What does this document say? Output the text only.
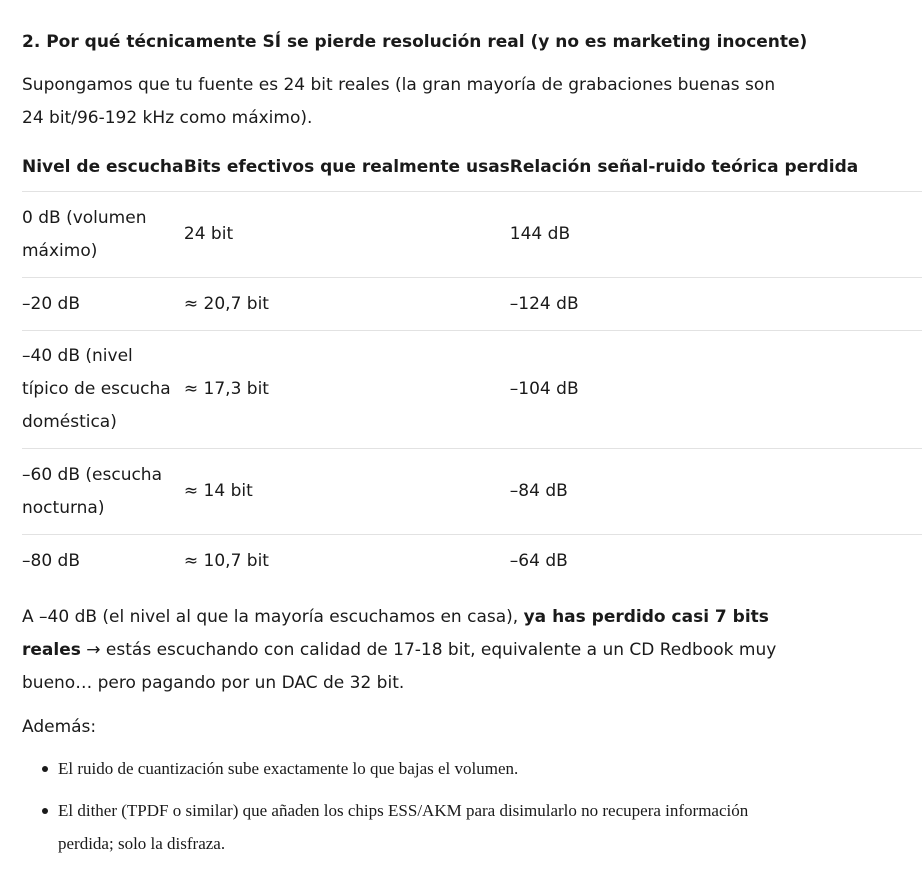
2. Por qué técnicamente SÍ se pierde resolución real (y no es marketing inocente)

Supongamos que tu fuente es 24 bit reales (la gran mayoría de grabaciones buenas son 24 bit/96-192 kHz como máximo).

Nivel de escucha	Bits efectivos que realmente usas	Relación señal-ruido teórica perdida

0 dB (volumen máximo)	24 bit	144 dB

–20 dB	≈ 20,7 bit	–124 dB

–40 dB (nivel típico de escucha doméstica)	≈ 17,3 bit	–104 dB

–60 dB (escucha nocturna)	≈ 14 bit	–84 dB

–80 dB	≈ 10,7 bit	–64 dB

A –40 dB (el nivel al que la mayoría escuchamos en casa), ya has perdido casi 7 bits reales → estás escuchando con calidad de 17-18 bit, equivalente a un CD Redbook muy bueno… pero pagando por un DAC de 32 bit.

Además:

El ruido de cuantización sube exactamente lo que bajas el volumen.
El dither (TPDF o similar) que añaden los chips ESS/AKM para disimularlo no recupera información perdida; solo la disfraza.
